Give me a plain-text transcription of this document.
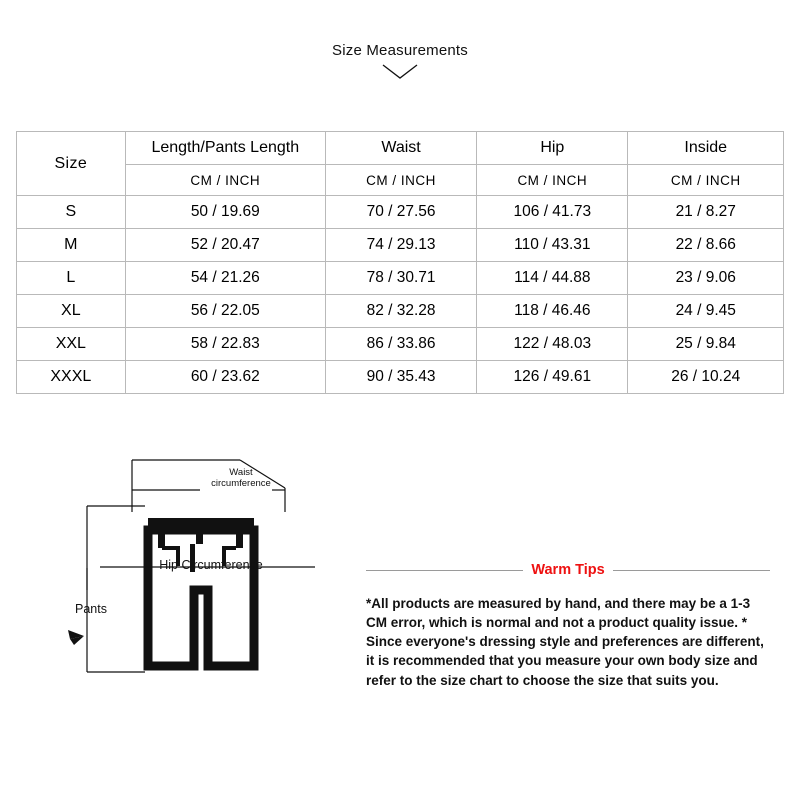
Size Measurements
Size	Length/Pants Length	Waist	Hip	Inside
	CM / INCH	CM / INCH	CM / INCH	CM / INCH
S	50 / 19.69	70 / 27.56	106 / 41.73	21 / 8.27
M	52 / 20.47	74 / 29.13	110 / 43.31	22 / 8.66
L	54 / 21.26	78 / 30.71	114 / 44.88	23 / 9.06
XL	56 / 22.05	82 / 32.28	118 / 46.46	24 / 9.45
XXL	58 / 22.83	86 / 33.86	122 / 48.03	25 / 9.84
XXXL	60 / 23.62	90 / 35.43	126 / 49.61	26 / 10.24
Waist circumference
Hip Circumference
Pants
Warm Tips
*All products are measured by hand, and there may be a 1-3 CM error, which is normal and not a product quality issue. * Since everyone's dressing style and preferences are different, it is recommended that you measure your own body size and refer to the size chart to choose the size that suits you.
